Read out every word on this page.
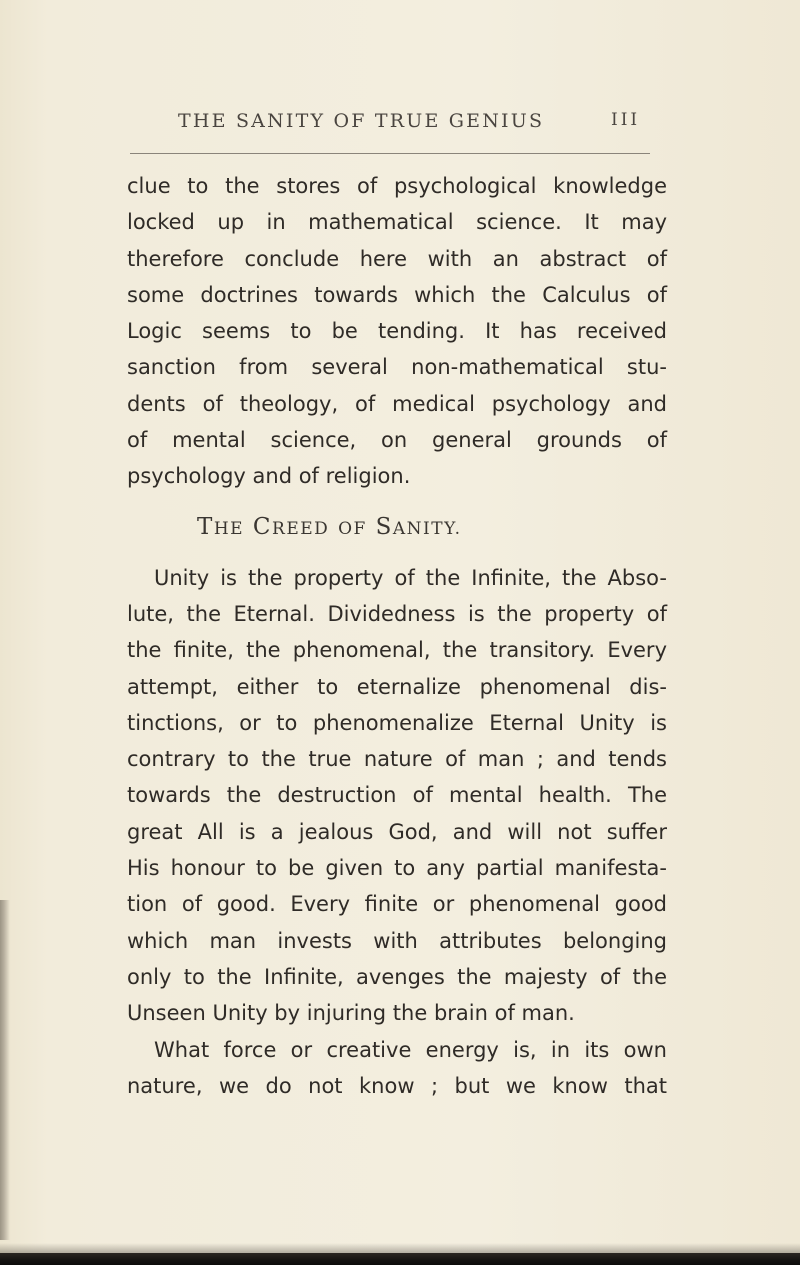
THE SANITY OF TRUE GENIUS	III
clue to the stores of psychological knowledge
locked up in mathematical science. It may
therefore conclude here with an abstract of
some doctrines towards which the Calculus of
Logic seems to be tending. It has received
sanction from several non-mathematical stu-
dents of theology, of medical psychology and
of mental science, on general grounds of
psychology and of religion.
THE CREED OF SANITY.
Unity is the property of the Infinite, the Abso-
lute, the Eternal. Dividedness is the property of
the finite, the phenomenal, the transitory. Every
attempt, either to eternalize phenomenal dis-
tinctions, or to phenomenalize Eternal Unity is
contrary to the true nature of man ; and tends
towards the destruction of mental health. The
great All is a jealous God, and will not suffer
His honour to be given to any partial manifesta-
tion of good. Every finite or phenomenal good
which man invests with attributes belonging
only to the Infinite, avenges the majesty of the
Unseen Unity by injuring the brain of man.
What force or creative energy is, in its own
nature, we do not know ; but we know that
